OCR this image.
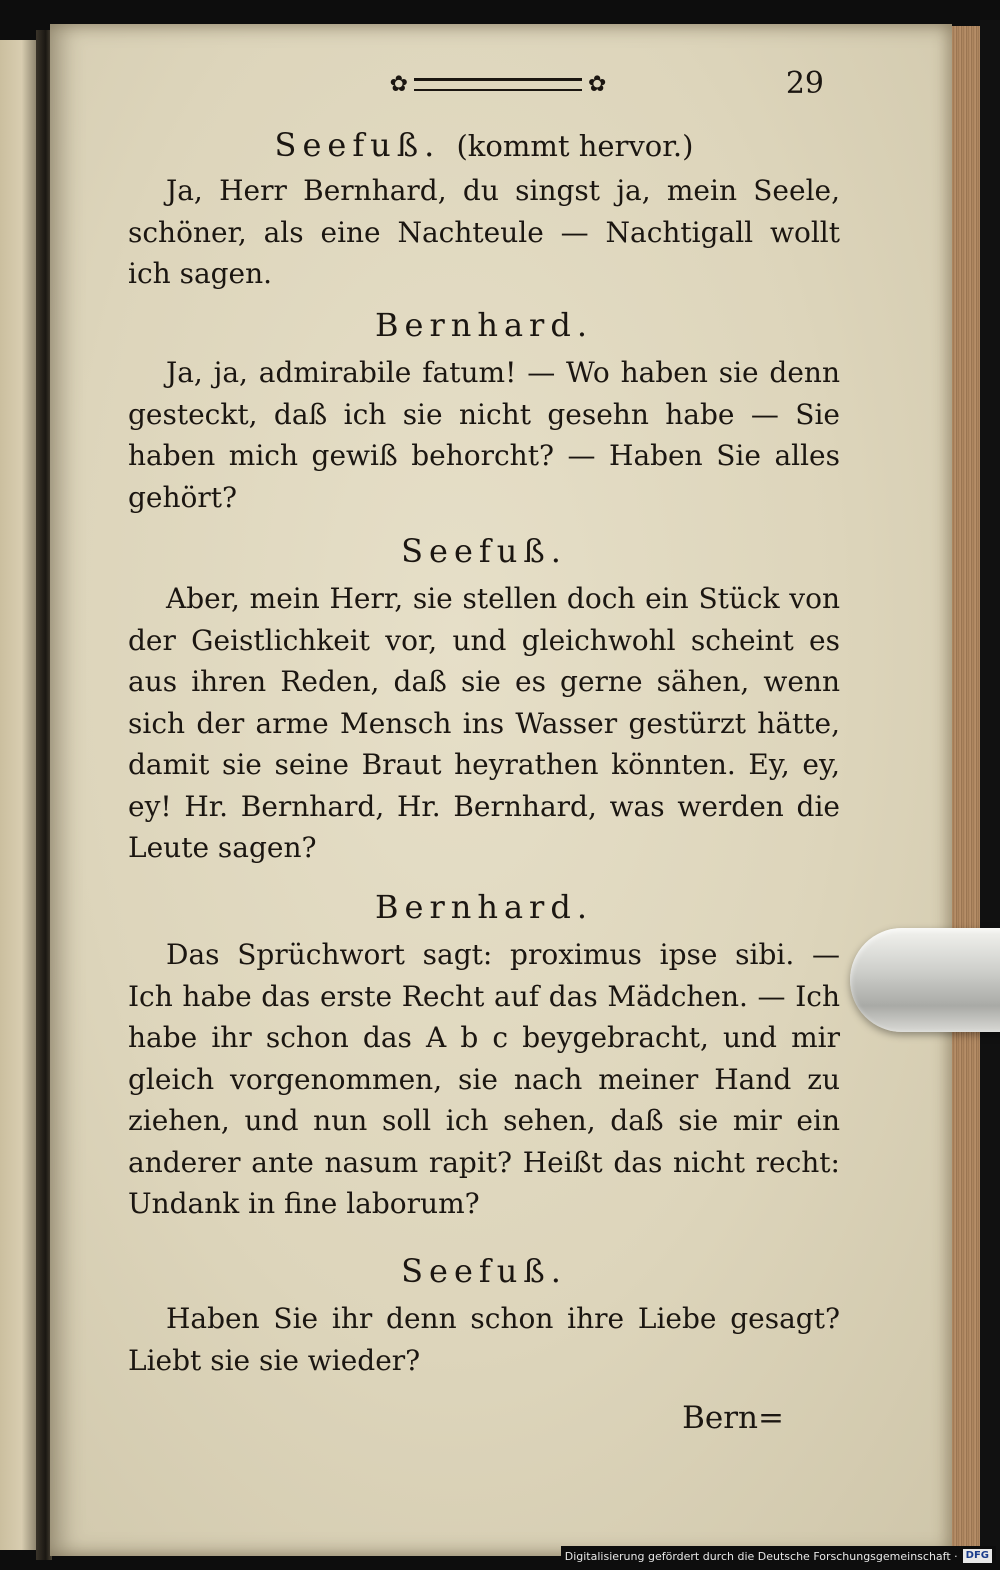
✿	✿	29

Seefuß. (kommt hervor.)

Ja, Herr Bernhard, du singst ja, mein Seele, schöner, als eine Nachteule — Nachtigall wollt ich sagen.

Bernhard.

Ja, ja, admirabile fatum! — Wo haben sie denn gesteckt, daß ich sie nicht gesehn habe — Sie haben mich gewiß behorcht? — Haben Sie alles gehört?

Seefuß.

Aber, mein Herr, sie stellen doch ein Stück von der Geistlichkeit vor, und gleichwohl scheint es aus ihren Reden, daß sie es gerne sähen, wenn sich der arme Mensch ins Wasser gestürzt hätte, damit sie seine Braut heyrathen könnten. Ey, ey, ey! Hr. Bernhard, Hr. Bernhard, was werden die Leute sagen?

Bernhard.

Das Sprüchwort sagt: proximus ipse sibi. — Ich habe das erste Recht auf das Mädchen. — Ich habe ihr schon das A b c beygebracht, und mir gleich vorgenommen, sie nach meiner Hand zu ziehen, und nun soll ich sehen, daß sie mir ein anderer ante nasum rapit? Heißt das nicht recht: Undank in fine laborum?

Seefuß.

Haben Sie ihr denn schon ihre Liebe gesagt? Liebt sie sie wieder?

Bern=
Digitalisierung gefördert durch die Deutsche Forschungsgemeinschaft · DFG
